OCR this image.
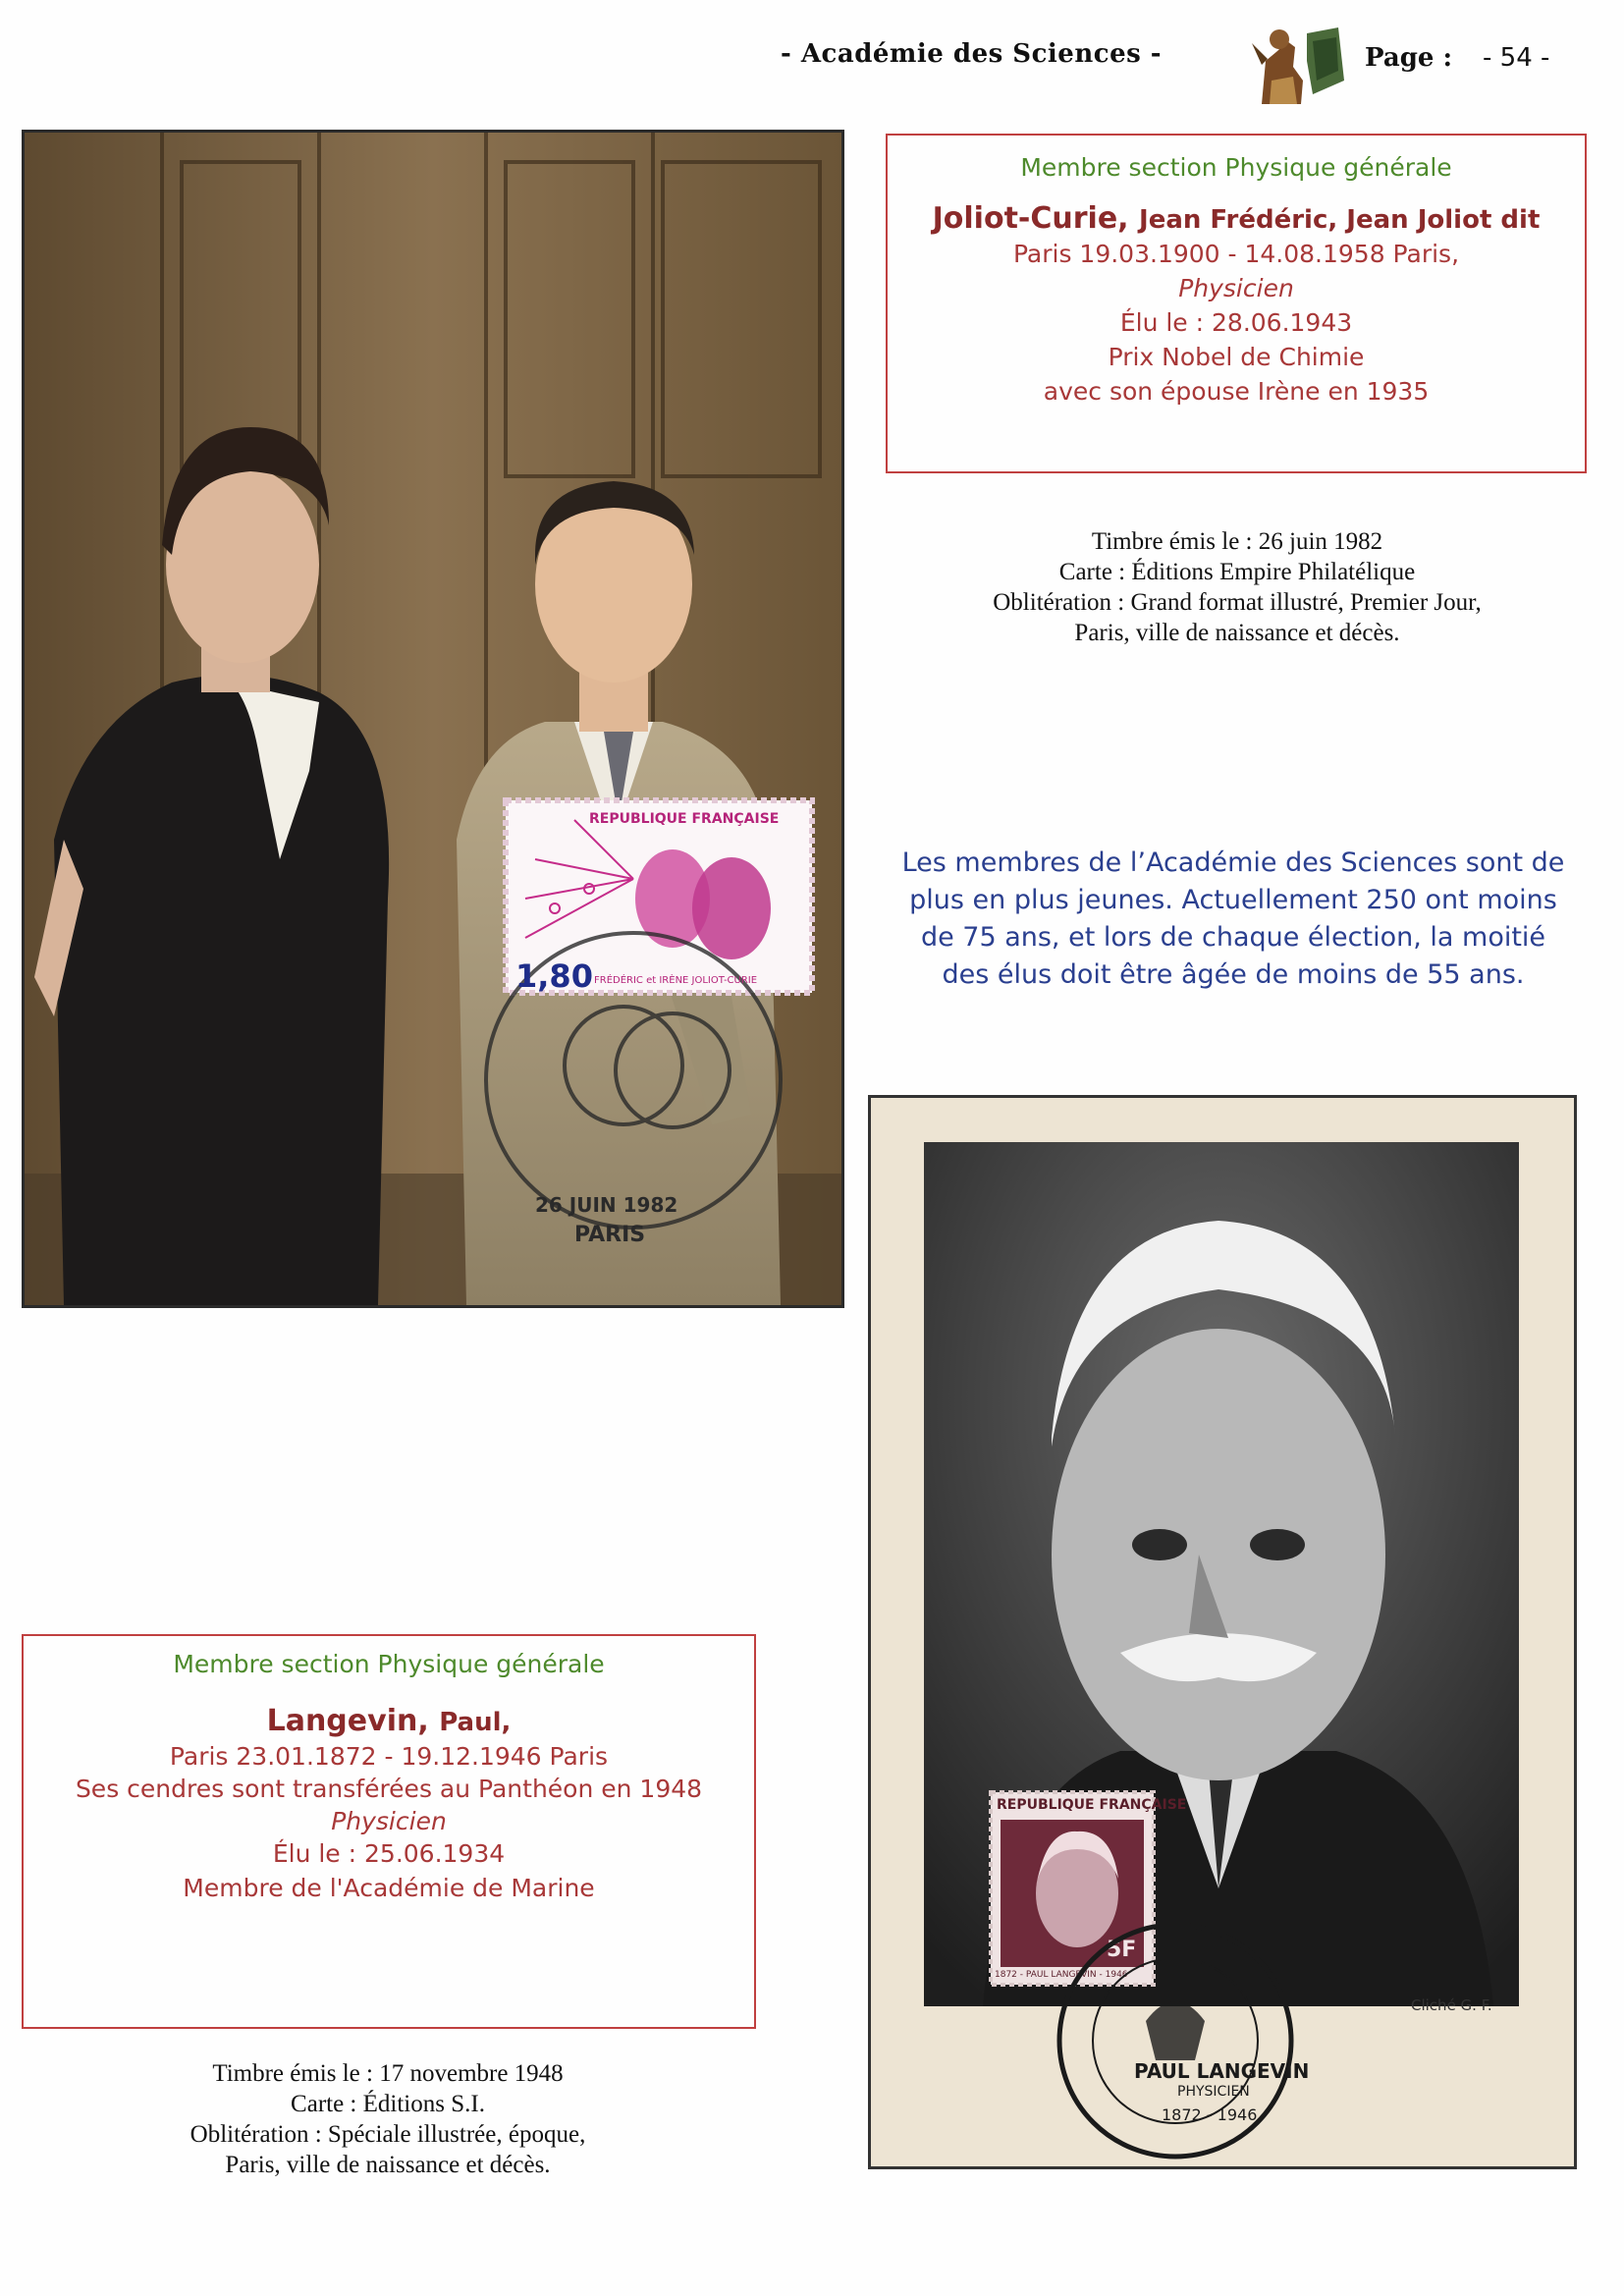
- Académie des Sciences -	Page : - 54 -
REPUBLIQUE FRANÇAISE
1,80 FRÉDÉRIC et IRÈNE JOLIOT-CURIE
26 JUIN 1982
PARIS
Membre section Physique générale
Joliot-Curie, Jean Frédéric, Jean Joliot dit
Paris 19.03.1900 - 14.08.1958 Paris,
Physicien
Élu le : 28.06.1943
Prix Nobel de Chimie
avec son épouse Irène en 1935
Timbre émis le : 26 juin 1982
Carte : Éditions Empire Philatélique
Oblitération : Grand format illustré, Premier Jour,
Paris, ville de naissance et décès.
Les membres de l’Académie des Sciences sont de
plus en plus jeunes. Actuellement 250 ont moins
de 75 ans, et lors de chaque élection, la moitié
des élus doit être âgée de moins de 55 ans.
REPUBLIQUE FRANÇAISE
5F
1872 - PAUL LANGEVIN - 1946
PAUL LANGEVIN
PHYSICIEN
1872 - 1946
Cliché G. F.
Membre section Physique générale
Langevin, Paul,
Paris 23.01.1872 - 19.12.1946 Paris
Ses cendres sont transférées au Panthéon en 1948
Physicien
Élu le : 25.06.1934
Membre de l'Académie de Marine
Timbre émis le : 17 novembre 1948
Carte : Éditions S.I.
Oblitération : Spéciale illustrée, époque,
Paris, ville de naissance et décès.
